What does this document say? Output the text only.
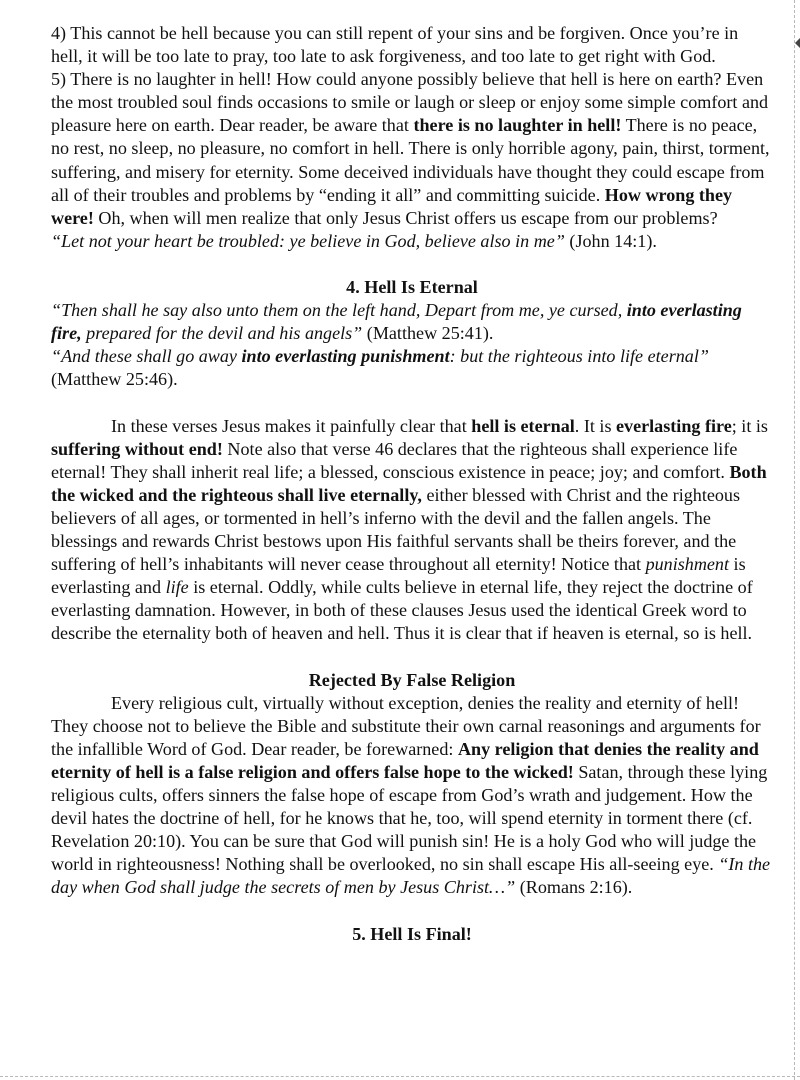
4) This cannot be hell because you can still repent of your sins and be forgiven. Once you’re in hell, it will be too late to pray, too late to ask forgiveness, and too late to get right with God.

5) There is no laughter in hell! How could anyone possibly believe that hell is here on earth? Even the most troubled soul finds occasions to smile or laugh or sleep or enjoy some simple comfort and pleasure here on earth. Dear reader, be aware that there is no laughter in hell! There is no peace, no rest, no sleep, no pleasure, no comfort in hell. There is only horrible agony, pain, thirst, torment, suffering, and misery for eternity. Some deceived individuals have thought they could escape from all of their troubles and problems by “ending it all” and committing suicide. How wrong they were! Oh, when will men realize that only Jesus Christ offers us escape from our problems?

“Let not your heart be troubled: ye believe in God, believe also in me” (John 14:1).

4. Hell Is Eternal

“Then shall he say also unto them on the left hand, Depart from me, ye cursed, into everlasting fire, prepared for the devil and his angels” (Matthew 25:41).

“And these shall go away into everlasting punishment: but the righteous into life eternal” (Matthew 25:46).

In these verses Jesus makes it painfully clear that hell is eternal. It is everlasting fire; it is suffering without end! Note also that verse 46 declares that the righteous shall experience life eternal! They shall inherit real life; a blessed, conscious existence in peace; joy; and comfort. Both the wicked and the righteous shall live eternally, either blessed with Christ and the righteous believers of all ages, or tormented in hell’s inferno with the devil and the fallen angels. The blessings and rewards Christ bestows upon His faithful servants shall be theirs forever, and the suffering of hell’s inhabitants will never cease throughout all eternity! Notice that punishment is everlasting and life is eternal. Oddly, while cults believe in eternal life, they reject the doctrine of everlasting damnation. However, in both of these clauses Jesus used the identical Greek word to describe the eternality both of heaven and hell. Thus it is clear that if heaven is eternal, so is hell.

Rejected By False Religion

Every religious cult, virtually without exception, denies the reality and eternity of hell! They choose not to believe the Bible and substitute their own carnal reasonings and arguments for the infallible Word of God. Dear reader, be forewarned: Any religion that denies the reality and eternity of hell is a false religion and offers false hope to the wicked! Satan, through these lying religious cults, offers sinners the false hope of escape from God’s wrath and judgement. How the devil hates the doctrine of hell, for he knows that he, too, will spend eternity in torment there (cf. Revelation 20:10). You can be sure that God will punish sin! He is a holy God who will judge the world in righteousness! Nothing shall be overlooked, no sin shall escape His all-seeing eye. “In the day when God shall judge the secrets of men by Jesus Christ…” (Romans 2:16).

5. Hell Is Final!
